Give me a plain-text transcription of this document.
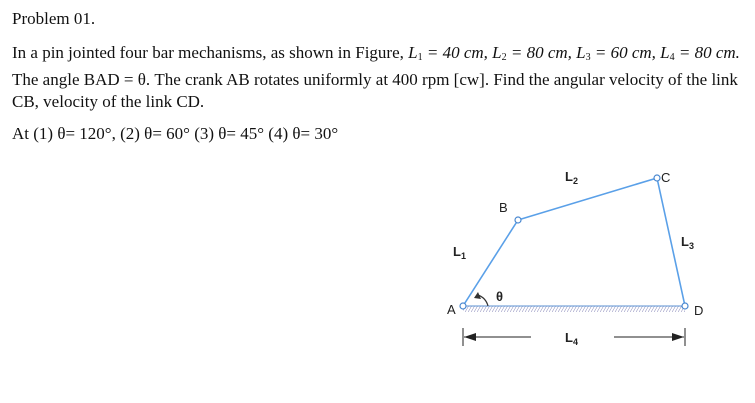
Problem 01.
In a pin jointed four bar mechanisms, as shown in Figure, $L_1 = 40$ cm, $L_2 = 80$ cm, $L_3 = 60$ cm, $L_4 = 80$ cm. The angle BAD = θ. The crank AB rotates uniformly at 400 rpm [cw]. Find the angular velocity of the link CB, velocity of the link CD.
At (1) θ= 120°, (2) θ= 60° (3) θ= 45° (4) θ= 30°
A
B
C
D
θ
$L_1$
$L_2$
$L_3$
$L_4$
